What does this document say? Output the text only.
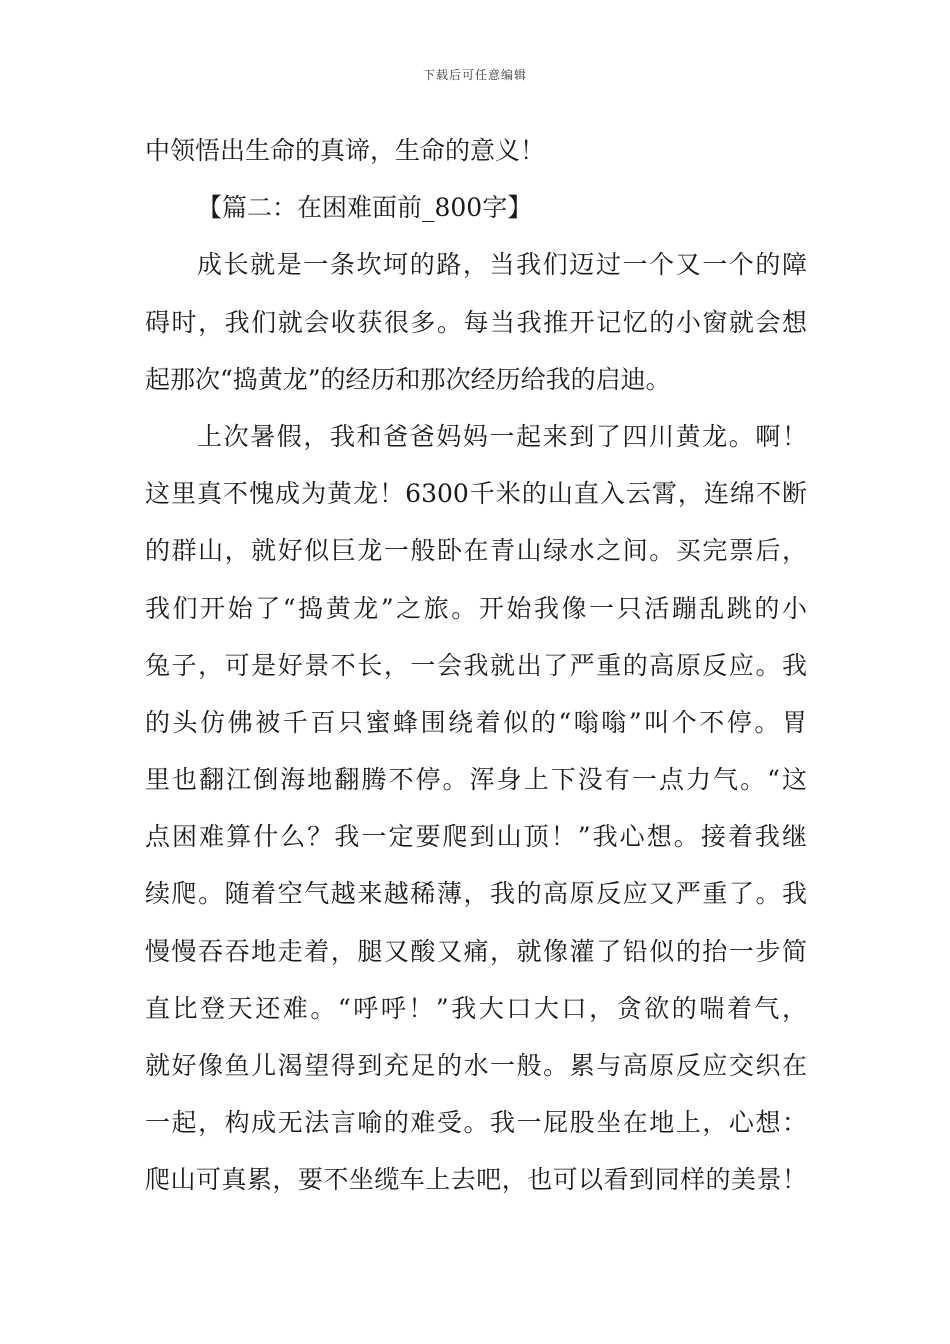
下载后可任意编辑
中领悟出生命的真谛，生命的意义！
【篇二：在困难面前_800字】
成长就是一条坎坷的路，当我们迈过一个又一个的障
碍时，我们就会收获很多。每当我推开记忆的小窗就会想
起那次“捣黄龙”的经历和那次经历给我的启迪。
上次暑假，我和爸爸妈妈一起来到了四川黄龙。啊！
这里真不愧成为黄龙！6300千米的山直入云霄，连绵不断
的群山，就好似巨龙一般卧在青山绿水之间。买完票后，
我们开始了“捣黄龙”之旅。开始我像一只活蹦乱跳的小
兔子，可是好景不长，一会我就出了严重的高原反应。我
的头仿佛被千百只蜜蜂围绕着似的“嗡嗡”叫个不停。胃
里也翻江倒海地翻腾不停。浑身上下没有一点力气。“这
点困难算什么？我一定要爬到山顶！”我心想。接着我继
续爬。随着空气越来越稀薄，我的高原反应又严重了。我
慢慢吞吞地走着，腿又酸又痛，就像灌了铅似的抬一步简
直比登天还难。“呼呼！”我大口大口，贪欲的喘着气，
就好像鱼儿渴望得到充足的水一般。累与高原反应交织在
一起，构成无法言喻的难受。我一屁股坐在地上，心想：
爬山可真累，要不坐缆车上去吧，也可以看到同样的美景！
